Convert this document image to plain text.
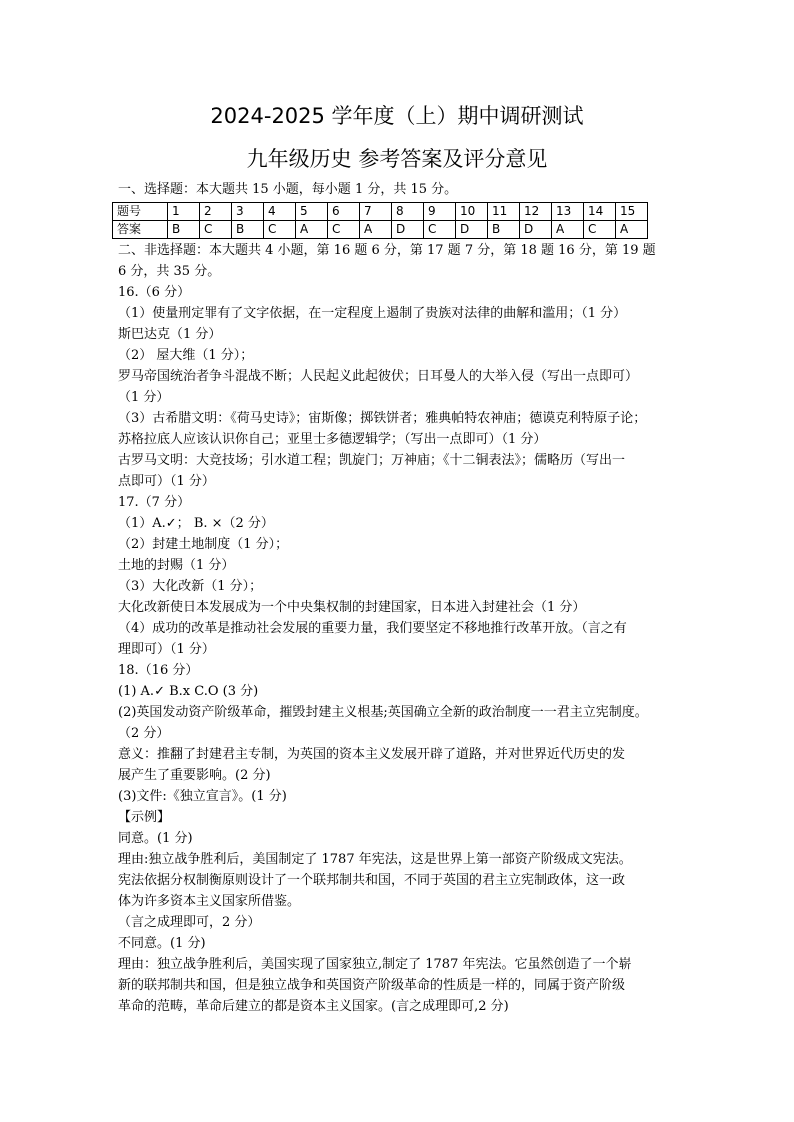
2024-2025 学年度（上）期中调研测试
九年级历史 参考答案及评分意见
一、选择题：本大题共 15 小题，每小题 1 分，共 15 分。
题号	1	2	3	4	5	6	7	8	9	10	11	12	13	14	15
答案	B	C	B	C	A	C	A	D	C	D	B	D	A	C	A
二、非选择题：本大题共 4 小题，第 16 题 6 分，第 17 题 7 分，第 18 题 16 分，第 19 题
6 分，共 35 分。
16.（6 分）
（1）使量刑定罪有了文字依据，在一定程度上遏制了贵族对法律的曲解和滥用；（1 分）
斯巴达克（1 分）
（2） 屋大维（1 分）；
罗马帝国统治者争斗混战不断；人民起义此起彼伏；日耳曼人的大举入侵（写出一点即可）
（1 分）
（3）古希腊文明：《荷马史诗》；宙斯像；掷铁饼者；雅典帕特农神庙；德谟克利特原子论；
苏格拉底人应该认识你自己；亚里士多德逻辑学；（写出一点即可）（1 分）
古罗马文明：大竞技场；引水道工程；凯旋门；万神庙；《十二铜表法》；儒略历（写出一
点即可）（1 分）
17.（7 分）
（1）A.✓； B. ×（2 分）
（2）封建土地制度（1 分）；
土地的封赐（1 分）
（3）大化改新（1 分）；
大化改新使日本发展成为一个中央集权制的封建国家，日本进入封建社会（1 分）
（4）成功的改革是推动社会发展的重要力量，我们要坚定不移地推行改革开放。（言之有
理即可）（1 分）
18.（16 分）
(1) A.✓ B.x C.O (3 分)
(2)英国发动资产阶级革命，摧毁封建主义根基;英国确立全新的政治制度一一君主立宪制度。
（2 分）
意义：推翻了封建君主专制，为英国的资本主义发展开辟了道路，并对世界近代历史的发
展产生了重要影响。(2 分)
(3)文件:《独立宣言》。(1 分)
【示例】
同意。(1 分)
理由:独立战争胜利后，美国制定了 1787 年宪法，这是世界上第一部资产阶级成文宪法。
宪法依据分权制衡原则设计了一个联邦制共和国，不同于英国的君主立宪制政体，这一政
体为许多资本主义国家所借鉴。
（言之成理即可，2 分）
不同意。(1 分)
理由：独立战争胜利后，美国实现了国家独立,制定了 1787 年宪法。它虽然创造了一个崭
新的联邦制共和国，但是独立战争和英国资产阶级革命的性质是一样的，同属于资产阶级
革命的范畴，革命后建立的都是资本主义国家。(言之成理即可,2 分)
